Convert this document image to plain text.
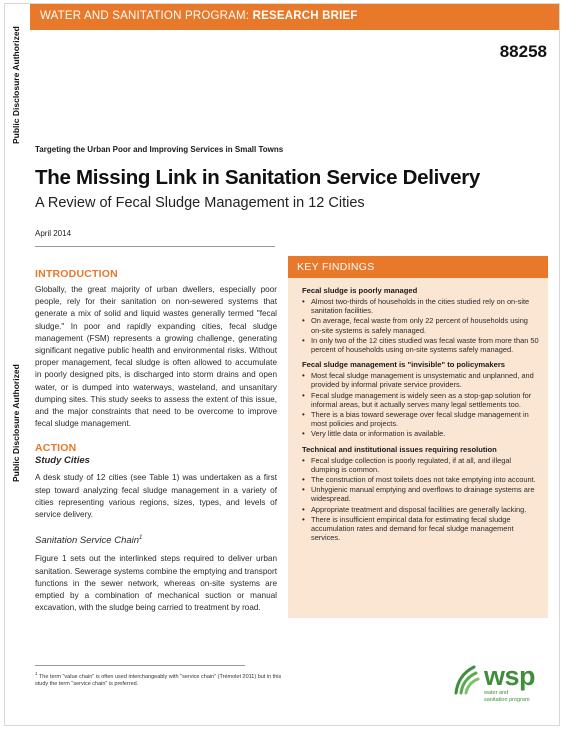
WATER AND SANITATION PROGRAM: RESEARCH BRIEF
88258
Public Disclosure Authorized
Public Disclosure Authorized
Targeting the Urban Poor and Improving Services in Small Towns
The Missing Link in Sanitation Service Delivery
A Review of Fecal Sludge Management in 12 Cities
April 2014
INTRODUCTION
Globally, the great majority of urban dwellers, especially poor people, rely for their sanitation on non-sewered systems that generate a mix of solid and liquid wastes generally termed "fecal sludge." In poor and rapidly expanding cities, fecal sludge management (FSM) represents a growing challenge, generating significant negative public health and environmental risks. Without proper management, fecal sludge is often allowed to accumulate in poorly designed pits, is discharged into storm drains and open water, or is dumped into waterways, wasteland, and unsanitary dumping sites. This study seeks to assess the extent of this issue, and the major constraints that need to be overcome to improve fecal sludge management.
ACTION
Study Cities
A desk study of 12 cities (see Table 1) was undertaken as a first step toward analyzing fecal sludge management in a variety of cities representing various regions, sizes, types, and levels of service delivery.
Sanitation Service Chain$^1$
Figure 1 sets out the interlinked steps required to deliver urban sanitation. Sewerage systems combine the emptying and transport functions in the sewer network, whereas on-site systems are emptied by a combination of mechanical suction or manual excavation, with the sludge being carried to treatment by road.
$^1$ The term "value chain" is often used interchangeably with "service chain" (Trémolet 2011) but in this study the term "service chain" is preferred.
KEY FINDINGS
Fecal sludge is poorly managed
• Almost two-thirds of households in the cities studied rely on on-site sanitation facilities.
• On average, fecal waste from only 22 percent of households using on-site systems is safely managed.
• In only two of the 12 cities studied was fecal waste from more than 50 percent of households using on-site systems safely managed.
Fecal sludge management is "invisible" to policymakers
• Most fecal sludge management is unsystematic and unplanned, and provided by informal private service providers.
• Fecal sludge management is widely seen as a stop-gap solution for informal areas, but it actually serves many legal settlements too.
• There is a bias toward sewerage over fecal sludge management in most policies and projects.
• Very little data or information is available.
Technical and institutional issues requiring resolution
• Fecal sludge collection is poorly regulated, if at all, and illegal dumping is common.
• The construction of most toilets does not take emptying into account.
• Unhygienic manual emptying and overflows to drainage systems are widespread.
• Appropriate treatment and disposal facilities are generally lacking.
• There is insufficient empirical data for estimating fecal sludge accumulation rates and demand for fecal sludge management services.
wsp
water and
sanitation program
